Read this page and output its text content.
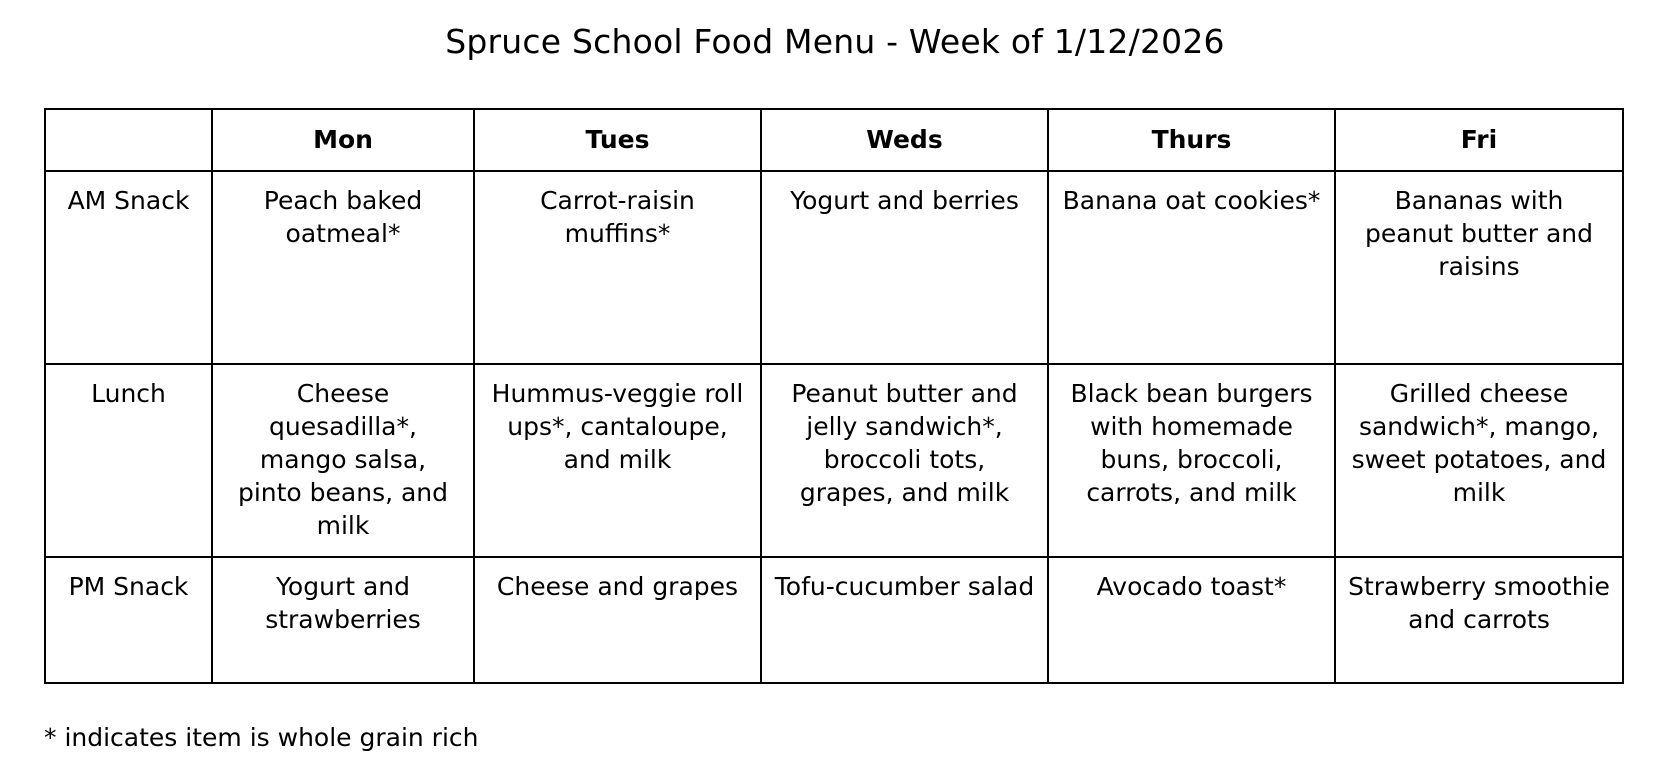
Spruce School Food Menu - Week of 1/12/2026
	Mon	Tues	Weds	Thurs	Fri
AM Snack	Peach baked oatmeal*	Carrot-raisin muffins*	Yogurt and berries	Banana oat cookies*	Bananas with peanut butter and raisins
Lunch	Cheese quesadilla*, mango salsa, pinto beans, and milk	Hummus-veggie roll ups*, cantaloupe, and milk	Peanut butter and jelly sandwich*, broccoli tots, grapes, and milk	Black bean burgers with homemade buns, broccoli, carrots, and milk	Grilled cheese sandwich*, mango, sweet potatoes, and milk
PM Snack	Yogurt and strawberries	Cheese and grapes	Tofu-cucumber salad	Avocado toast*	Strawberry smoothie and carrots
* indicates item is whole grain rich
